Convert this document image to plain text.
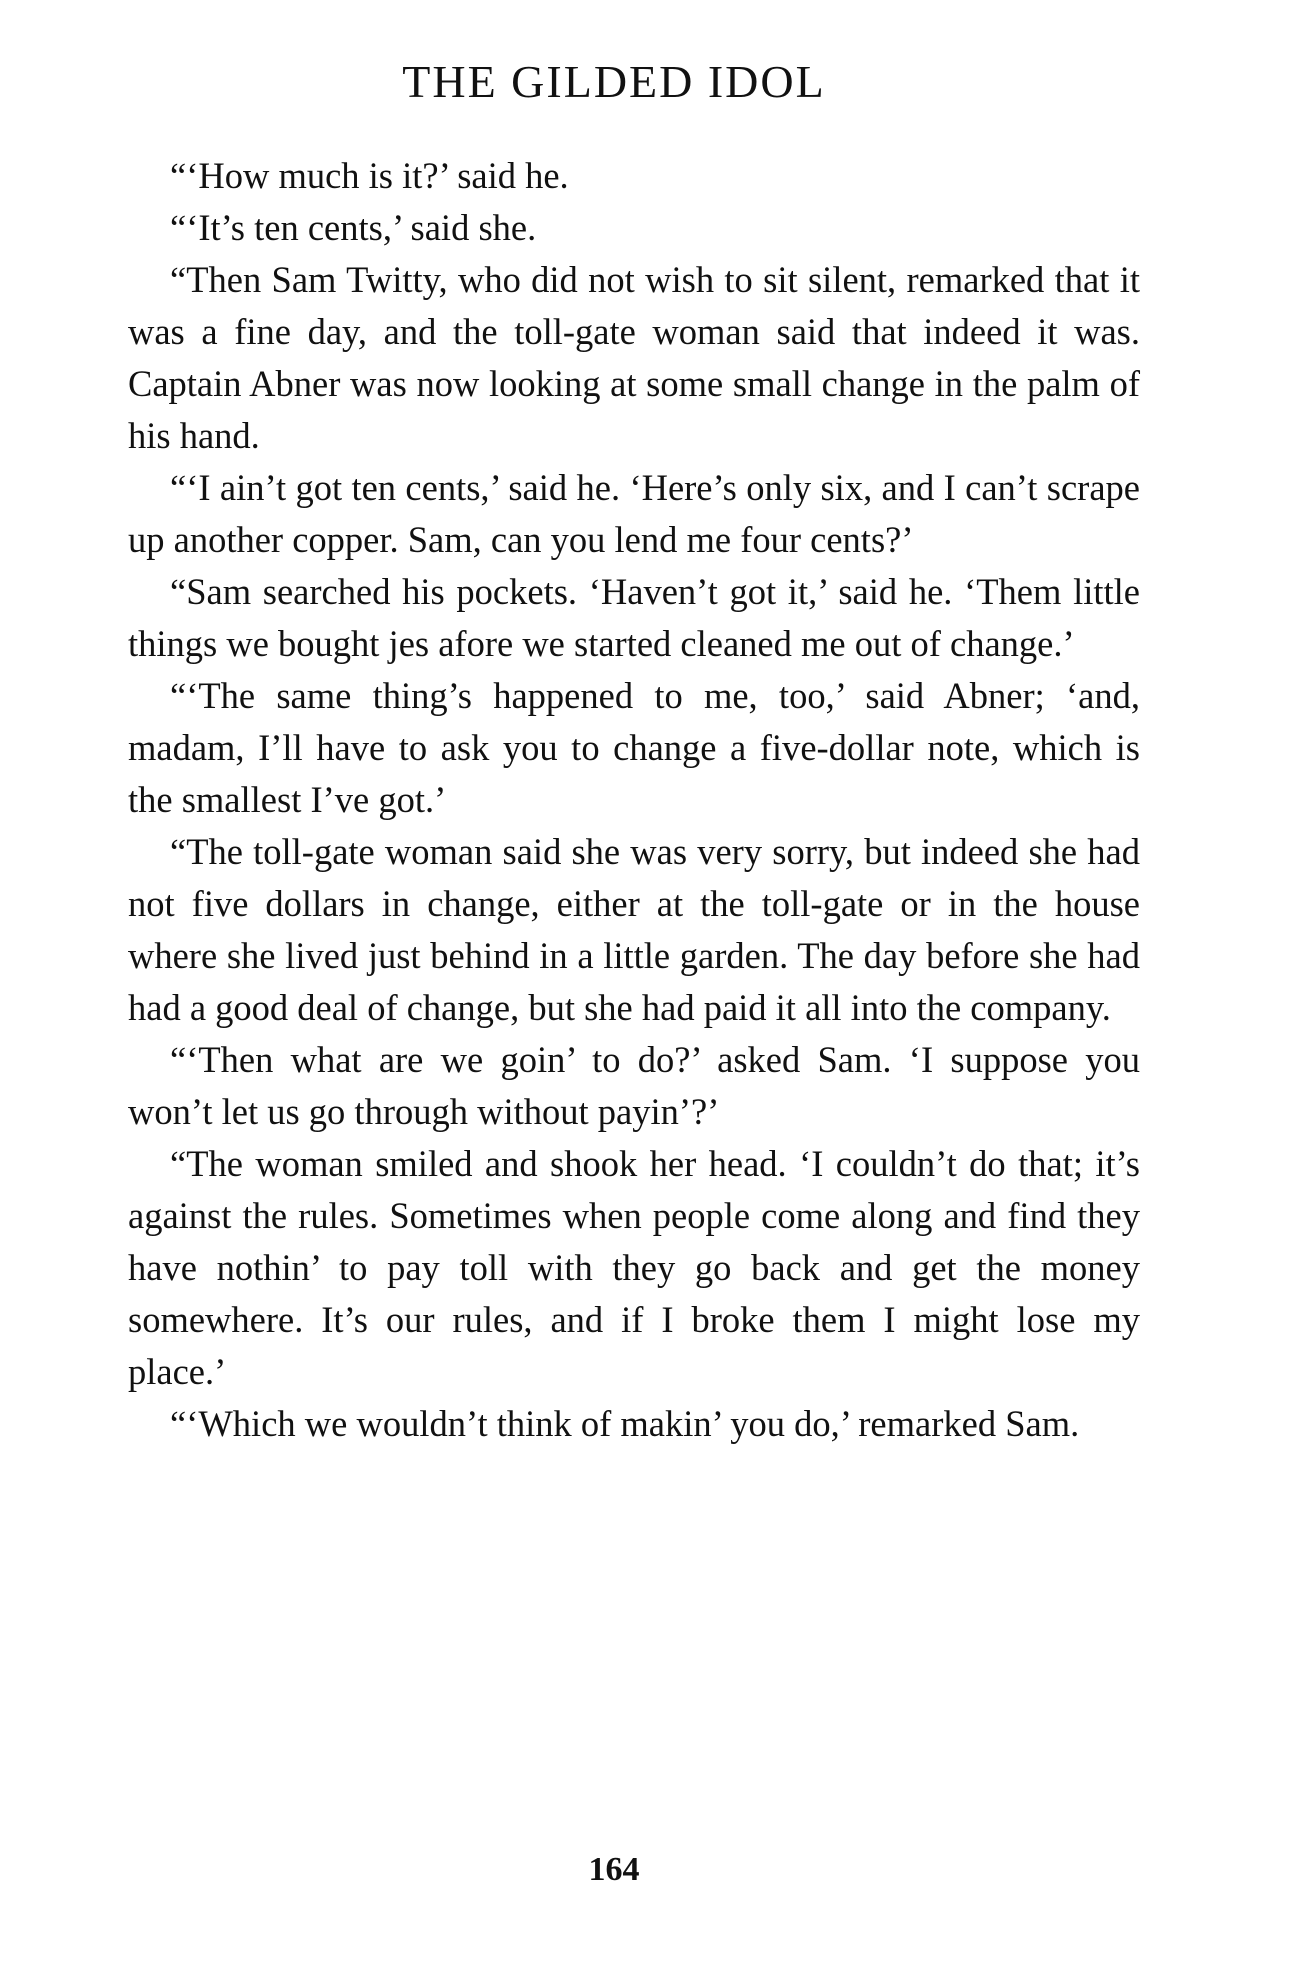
THE GILDED IDOL

“‘How much is it?’ said he.

“‘It’s ten cents,’ said she.

“Then Sam Twitty, who did not wish to sit silent, remarked that it was a fine day, and the toll-gate woman said that indeed it was. Captain Abner was now looking at some small change in the palm of his hand.

“‘I ain’t got ten cents,’ said he. ‘Here’s only six, and I can’t scrape up another copper. Sam, can you lend me four cents?’

“Sam searched his pockets. ‘Haven’t got it,’ said he. ‘Them little things we bought jes afore we started cleaned me out of change.’

“‘The same thing’s happened to me, too,’ said Abner; ‘and, madam, I’ll have to ask you to change a five-dollar note, which is the smallest I’ve got.’

“The toll-gate woman said she was very sorry, but indeed she had not five dollars in change, either at the toll-gate or in the house where she lived just behind in a little garden. The day before she had had a good deal of change, but she had paid it all into the company.

“‘Then what are we goin’ to do?’ asked Sam. ‘I suppose you won’t let us go through without payin’?’

“The woman smiled and shook her head. ‘I couldn’t do that; it’s against the rules. Sometimes when people come along and find they have nothin’ to pay toll with they go back and get the money somewhere. It’s our rules, and if I broke them I might lose my place.’

“‘Which we wouldn’t think of makin’ you do,’ remarked Sam.

164
